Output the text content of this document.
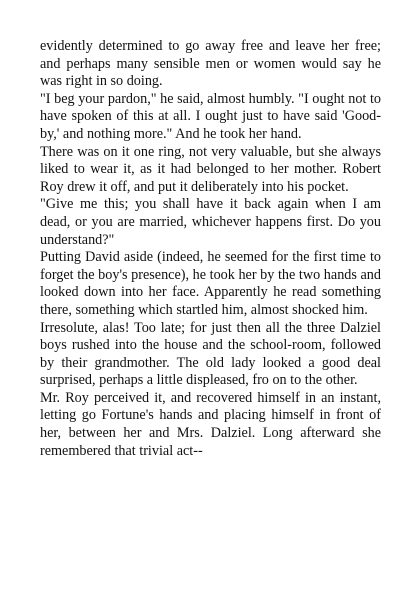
evidently determined to go away free and leave her free; and perhaps many sensible men or women would say he was right in so doing.

"I beg your pardon," he said, almost humbly. "I ought not to have spoken of this at all. I ought just to have said 'Good-by,' and nothing more." And he took her hand.

There was on it one ring, not very valuable, but she always liked to wear it, as it had belonged to her mother. Robert Roy drew it off, and put it deliberately into his pocket.

"Give me this; you shall have it back again when I am dead, or you are married, whichever happens first. Do you understand?"

Putting David aside (indeed, he seemed for the first time to forget the boy's presence), he took her by the two hands and looked down into her face. Apparently he read something there, something which startled him, almost shocked him.

Irresolute, alas! Too late; for just then all the three Dalziel boys rushed into the house and the school-room, followed by their grandmother. The old lady looked a good deal surprised, perhaps a little displeased, fro on to the other.

Mr. Roy perceived it, and recovered himself in an instant, letting go Fortune's hands and placing himself in front of her, between her and Mrs. Dalziel. Long afterward she remembered that trivial act--
